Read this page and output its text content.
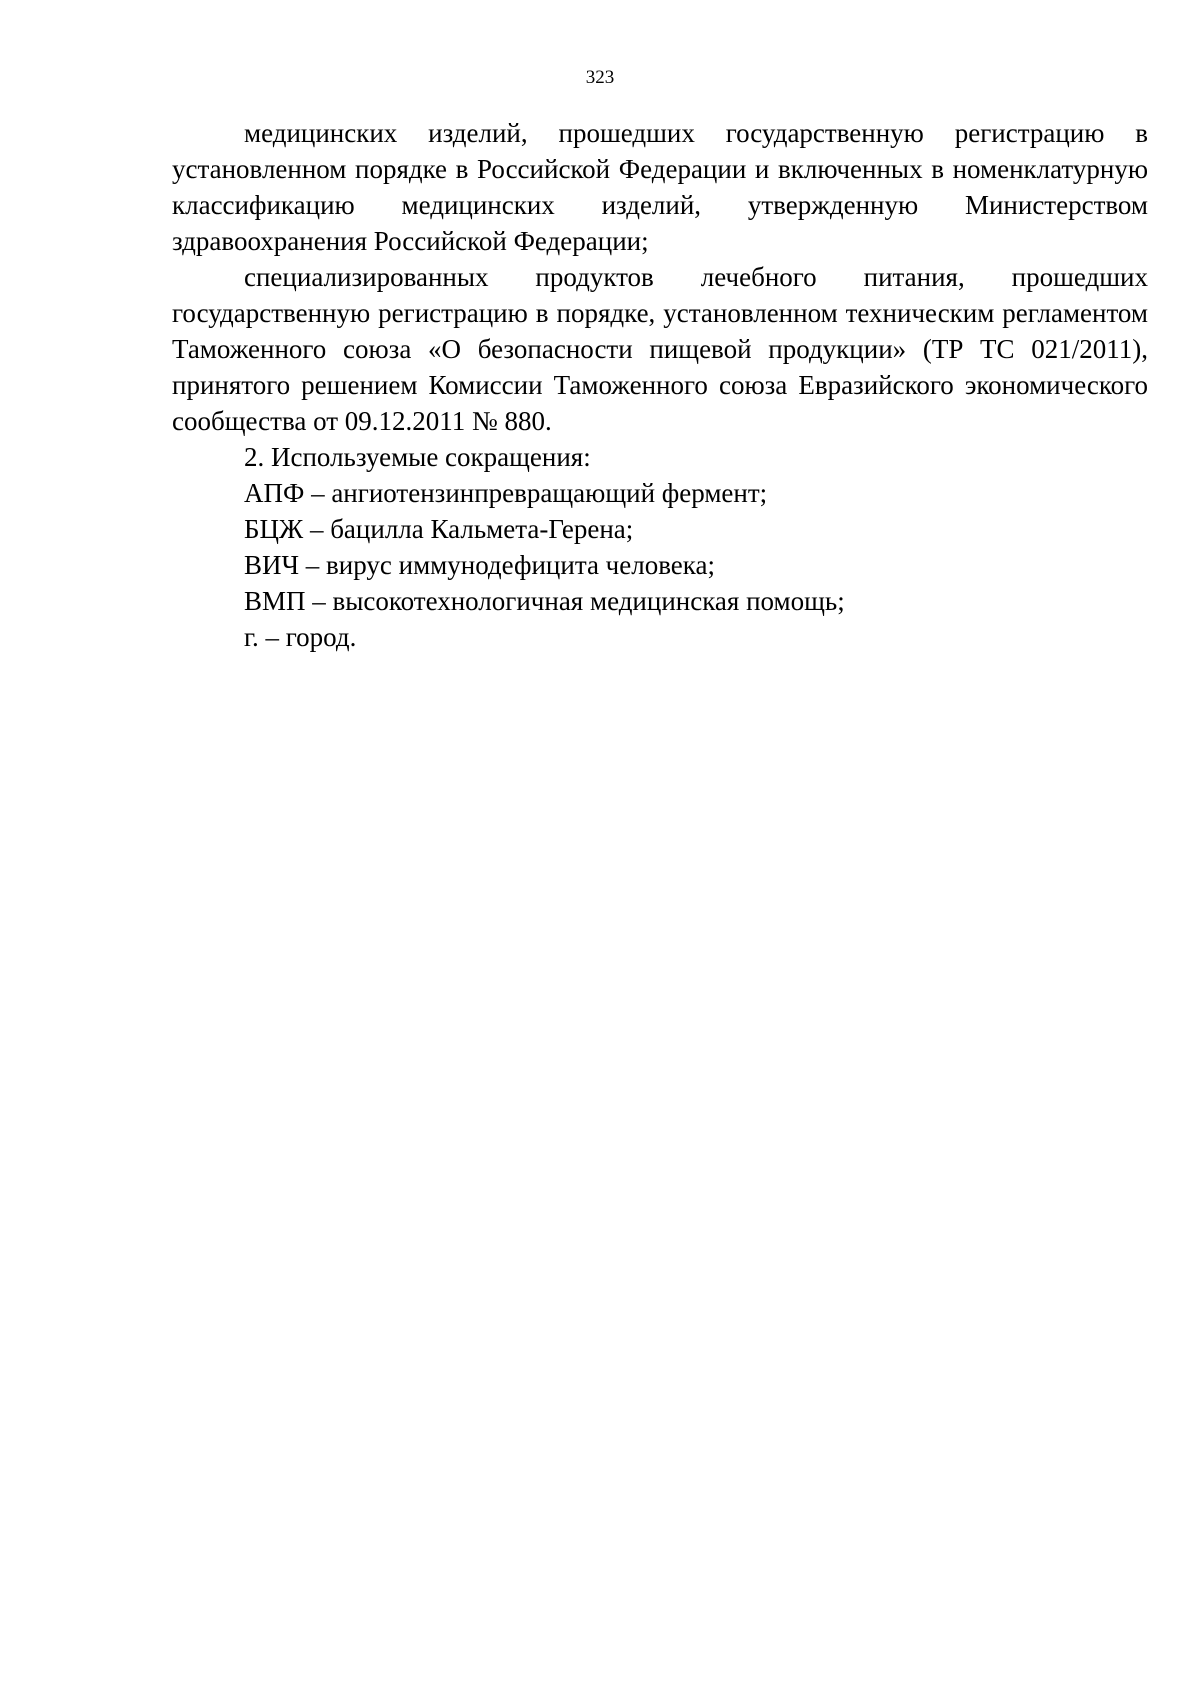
323

медицинских изделий, прошедших государственную регистрацию в установленном порядке в Российской Федерации и включенных в номенклатурную классификацию медицинских изделий, утвержденную Министерством здравоохранения Российской Федерации;

специализированных продуктов лечебного питания, прошедших государственную регистрацию в порядке, установленном техническим регламентом Таможенного союза «О безопасности пищевой продукции» (ТР ТС 021/2011), принятого решением Комиссии Таможенного союза Евразийского экономического сообщества от 09.12.2011 № 880.

2. Используемые сокращения:

АПФ – ангиотензинпревращающий фермент;

БЦЖ – бацилла Кальмета-Герена;

ВИЧ – вирус иммунодефицита человека;

ВМП – высокотехнологичная медицинская помощь;

г. – город.
